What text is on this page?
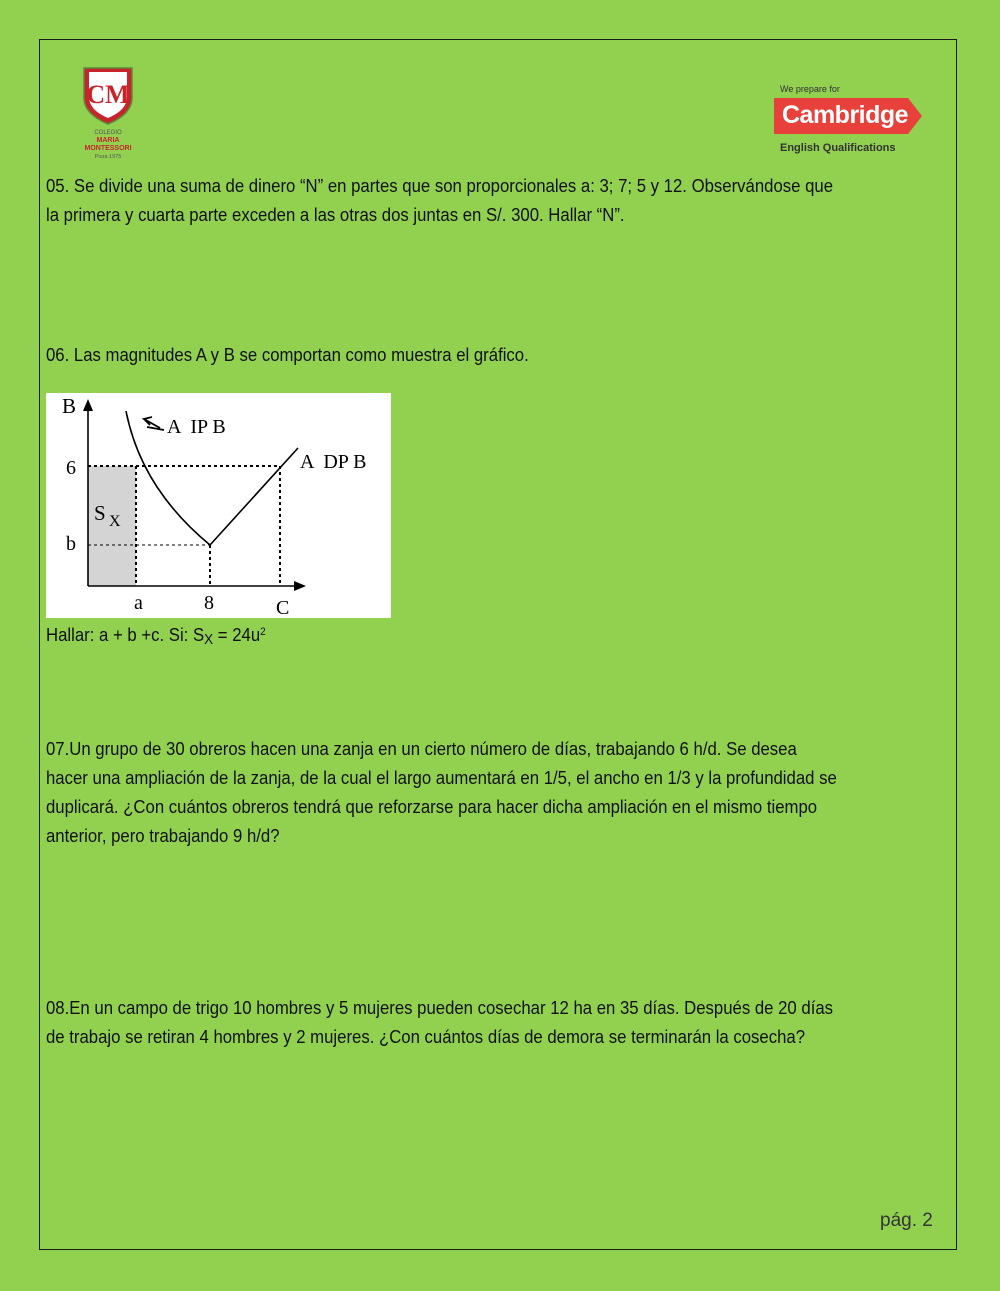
CM
COLEGIO
MARIA
MONTESSORI
Piura 1975
We prepare for
Cambridge
English Qualifications
05. Se divide una suma de dinero “N” en partes que son proporcionales a: 3; 7; 5 y 12. Observándose que
la primera y cuarta parte exceden a las otras dos juntas en S/. 300. Hallar “N”.
06. Las magnitudes A y B se comportan como muestra el gráfico.
B
6
b
a	8	C
A  IP B
A  DP B
S X
Hallar: a + b +c. Si: $S_X = 24u^2$
07.Un grupo de 30 obreros hacen una zanja en un cierto número de días, trabajando 6 h/d. Se desea
hacer una ampliación de la zanja, de la cual el largo aumentará en 1/5, el ancho en 1/3 y la profundidad se
duplicará. ¿Con cuántos obreros tendrá que reforzarse para hacer dicha ampliación en el mismo tiempo
anterior, pero trabajando 9 h/d?
08.En un campo de trigo 10 hombres y 5 mujeres pueden cosechar 12 ha en 35 días. Después de 20 días
de trabajo se retiran 4 hombres y 2 mujeres. ¿Con cuántos días de demora se terminarán la cosecha?
pág. 2
